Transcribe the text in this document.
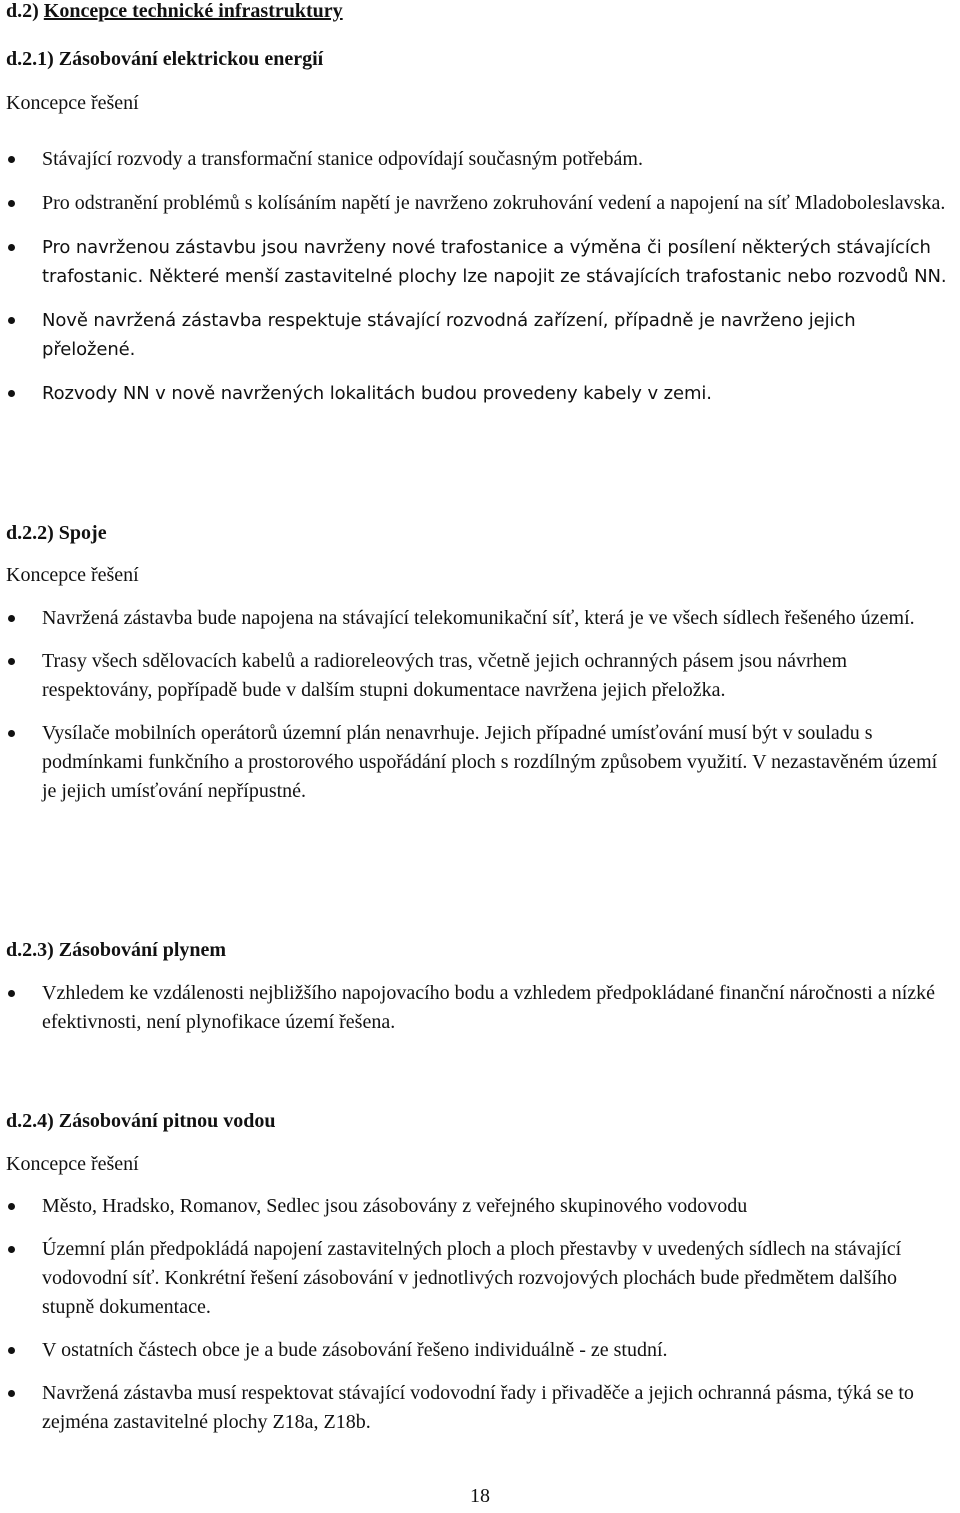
d.2) Koncepce technické infrastruktury

d.2.1) Zásobování elektrickou energií

Koncepce řešení

Stávající rozvody a transformační stanice odpovídají současným potřebám.
Pro odstranění problémů s kolísáním napětí je navrženo zokruhování vedení a napojení na síť Mladoboleslavska.
Pro navrženou zástavbu jsou navrženy nové trafostanice a výměna či posílení některých stávajících trafostanic. Některé menší zastavitelné plochy lze napojit ze stávajících trafostanic nebo rozvodů NN.
Nově navržená zástavba respektuje stávající rozvodná zařízení, případně je navrženo jejich přeložené.
Rozvody NN v nově navržených lokalitách budou provedeny kabely v zemi.

d.2.2) Spoje

Koncepce řešení

Navržená zástavba bude napojena na stávající telekomunikační síť, která je ve všech sídlech řešeného území.
Trasy všech sdělovacích kabelů a radioreleových tras, včetně jejich ochranných pásem jsou návrhem respektovány, popřípadě bude v dalším stupni dokumentace navržena jejich přeložka.
Vysílače mobilních operátorů územní plán nenavrhuje. Jejich případné umísťování musí být v souladu s podmínkami funkčního a prostorového uspořádání ploch s rozdílným způsobem využití. V nezastavěném území je jejich umísťování nepřípustné.

d.2.3) Zásobování plynem

Vzhledem ke vzdálenosti nejbližšího napojovacího bodu a vzhledem předpokládané finanční náročnosti a nízké efektivnosti, není plynofikace území řešena.

d.2.4) Zásobování pitnou vodou

Koncepce řešení

Město, Hradsko, Romanov, Sedlec jsou zásobovány z veřejného skupinového vodovodu
Územní plán předpokládá napojení zastavitelných ploch a ploch přestavby v uvedených sídlech na stávající vodovodní síť. Konkrétní řešení zásobování v jednotlivých rozvojových plochách bude předmětem dalšího stupně dokumentace.
V ostatních částech obce je a bude zásobování řešeno individuálně - ze studní.
Navržená zástavba musí respektovat stávající vodovodní řady i přivaděče a jejich ochranná pásma, týká se to zejména zastavitelné plochy Z18a, Z18b.
18
